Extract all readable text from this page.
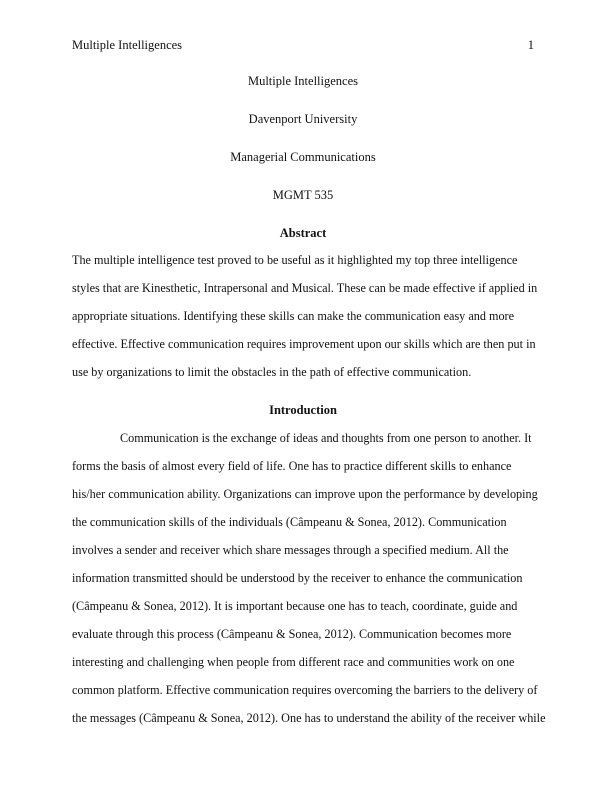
Multiple Intelligences	1
Multiple Intelligences
Davenport University
Managerial Communications
MGMT 535
Abstract
The multiple intelligence test proved to be useful as it highlighted my top three intelligence
styles that are Kinesthetic, Intrapersonal and Musical. These can be made effective if applied in
appropriate situations. Identifying these skills can make the communication easy and more
effective. Effective communication requires improvement upon our skills which are then put in
use by organizations to limit the obstacles in the path of effective communication.
Introduction
Communication is the exchange of ideas and thoughts from one person to another. It
forms the basis of almost every field of life. One has to practice different skills to enhance
his/her communication ability. Organizations can improve upon the performance by developing
the communication skills of the individuals (Câmpeanu & Sonea, 2012). Communication
involves a sender and receiver which share messages through a specified medium. All the
information transmitted should be understood by the receiver to enhance the communication
(Câmpeanu & Sonea, 2012). It is important because one has to teach, coordinate, guide and
evaluate through this process (Câmpeanu & Sonea, 2012). Communication becomes more
interesting and challenging when people from different race and communities work on one
common platform. Effective communication requires overcoming the barriers to the delivery of
the messages (Câmpeanu & Sonea, 2012). One has to understand the ability of the receiver while
